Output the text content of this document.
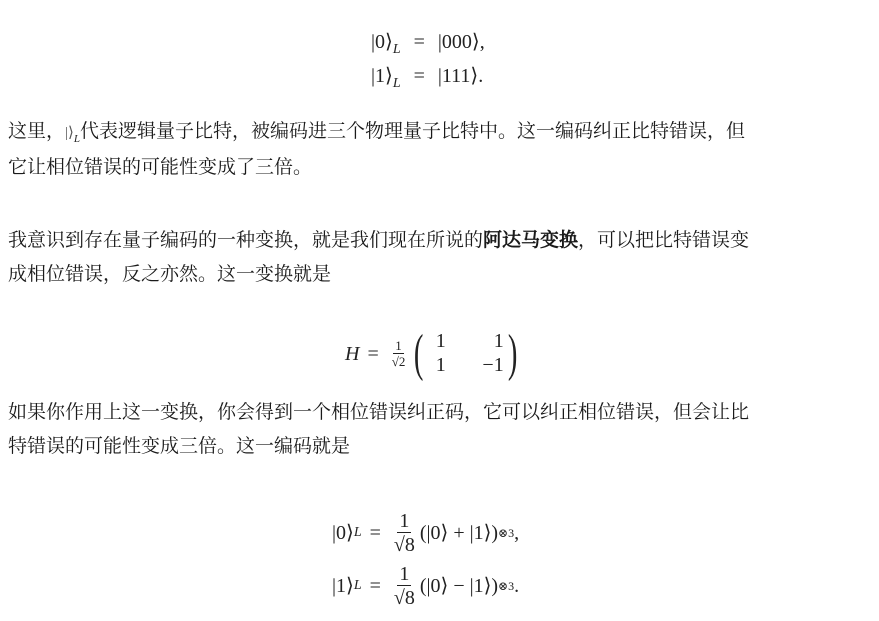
$|0⟩_L$ = |000⟩,
$|1⟩_L$ = |111⟩.

这里，$|⟩_L$代表逻辑量子比特，被编码进三个物理量子比特中。这一编码纠正比特错误，但
它让相位错误的可能性变成了三倍。

我意识到存在量子编码的一种变换，就是我们现在所说的阿达马变换，可以把比特错误变
成相位错误，反之亦然。这一变换就是

$H = \frac{1}{√2}$ ( 1	1
1	−1 )

如果你作用上这一变换，你会得到一个相位错误纠正码，它可以纠正相位错误，但会让比
特错误的可能性变成三倍。这一编码就是

|0⟩ $L = \frac{1}{√8}$ (|0⟩ + |1⟩) ⊗3 ,
|1⟩ $L = \frac{1}{√8}$ (|0⟩ − |1⟩) ⊗3 .
